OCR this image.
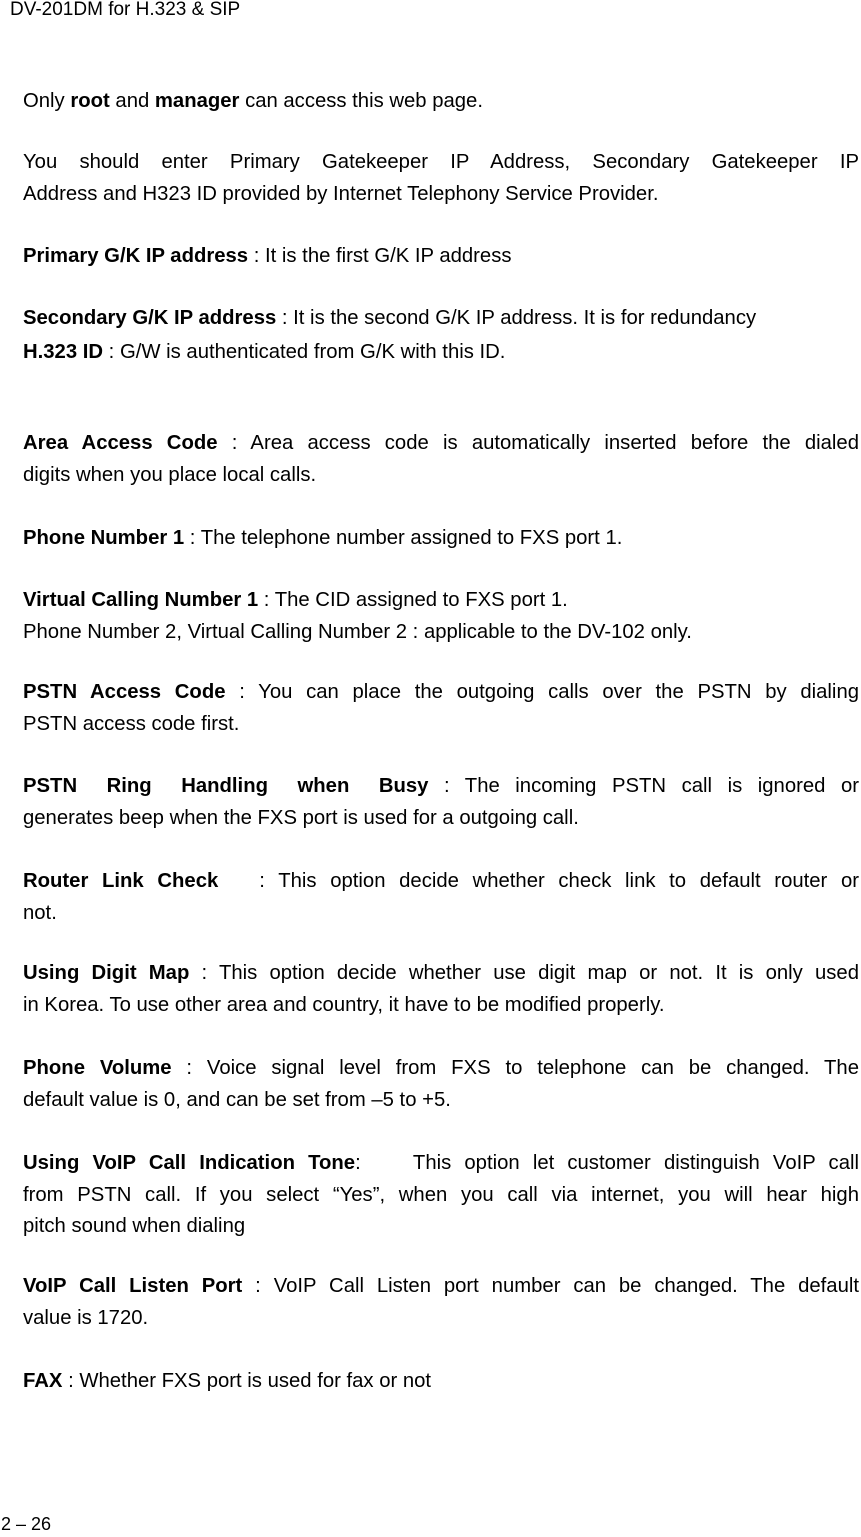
DV-201DM for H.323 & SIP

Only root and manager can access this web page.

You should enter Primary Gatekeeper IP Address, Secondary Gatekeeper IP
Address and H323 ID provided by Internet Telephony Service Provider.

Primary G/K IP address : It is the first G/K IP address

Secondary G/K IP address : It is the second G/K IP address. It is for redundancy

H.323 ID : G/W is authenticated from G/K with this ID.

Area Access Code : Area access code is automatically inserted before the dialed
digits when you place local calls.

Phone Number 1 : The telephone number assigned to FXS port 1.

Virtual Calling Number 1 : The CID assigned to FXS port 1.
Phone Number 2, Virtual Calling Number 2 : applicable to the DV-102 only.

PSTN Access Code : You can place the outgoing calls over the PSTN by dialing
PSTN access code first.

PSTN Ring Handling when Busy : The incoming PSTN call is ignored or
generates beep when the FXS port is used for a outgoing call.

Router Link Check   : This option decide whether check link to default router or
not.

Using Digit Map : This option decide whether use digit map or not. It is only used
in Korea. To use other area and country, it have to be modified properly.

Phone Volume : Voice signal level from FXS to telephone can be changed. The
default value is 0, and can be set from –5 to +5.

Using VoIP Call Indication Tone:    This option let customer distinguish VoIP call
from PSTN call. If you select “Yes”, when you call via internet, you will hear high
pitch sound when dialing

VoIP Call Listen Port : VoIP Call Listen port number can be changed. The default
value is 1720.

FAX : Whether FXS port is used for fax or not

2 – 26
